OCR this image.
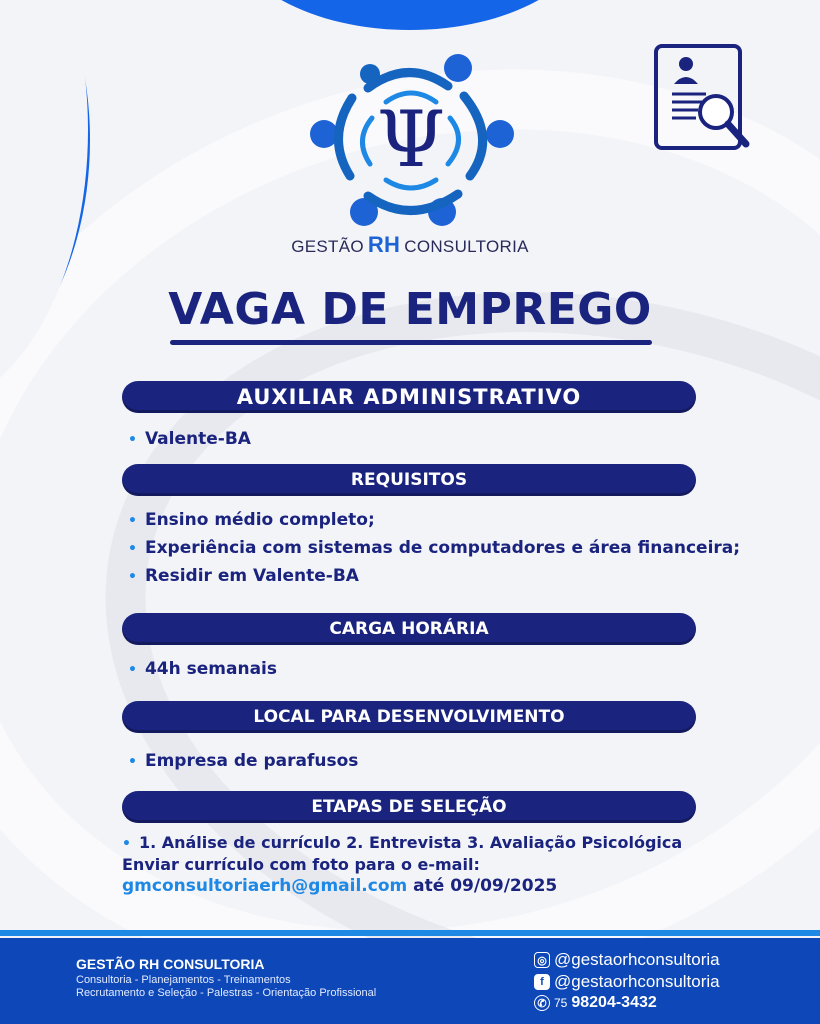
Ψ
GESTÃO RH CONSULTORIA
VAGA DE EMPREGO
AUXILIAR ADMINISTRATIVO
• Valente-BA
REQUISITOS
• Ensino médio completo;
• Experiência com sistemas de computadores e área financeira;
• Residir em Valente-BA
CARGA HORÁRIA
• 44h semanais
LOCAL PARA DESENVOLVIMENTO
• Empresa de parafusos
ETAPAS DE SELEÇÃO
• 1. Análise de currículo 2. Entrevista 3. Avaliação Psicológica
Enviar currículo com foto para o e-mail:
gmconsultoriaerh@gmail.com até 09/09/2025
GESTÃO RH CONSULTORIA
Consultoria - Planejamentos - Treinamentos
Recrutamento e Seleção - Palestras - Orientação Profissional
◎ @gestaorhconsultoria
f @gestaorhconsultoria
✆ 75 98204-3432
